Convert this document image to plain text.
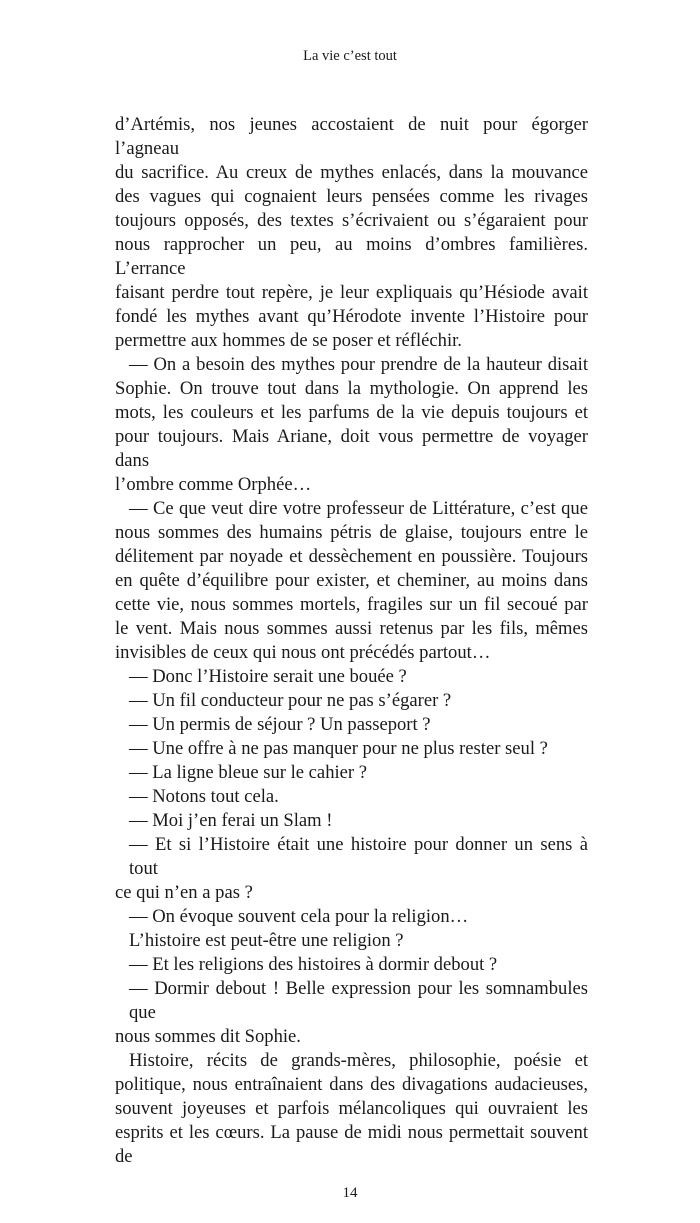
La vie c’est tout
d’Artémis, nos jeunes accostaient de nuit pour égorger l’agneau
du sacrifice. Au creux de mythes enlacés, dans la mouvance
des vagues qui cognaient leurs pensées comme les rivages
toujours opposés, des textes s’écrivaient ou s’égaraient pour
nous rapprocher un peu, au moins d’ombres familières. L’errance
faisant perdre tout repère, je leur expliquais qu’Hésiode avait
fondé les mythes avant qu’Hérodote invente l’Histoire pour
permettre aux hommes de se poser et réfléchir.
— On a besoin des mythes pour prendre de la hauteur disait
Sophie. On trouve tout dans la mythologie. On apprend les
mots, les couleurs et les parfums de la vie depuis toujours et
pour toujours. Mais Ariane, doit vous permettre de voyager dans
l’ombre comme Orphée…
— Ce que veut dire votre professeur de Littérature, c’est que
nous sommes des humains pétris de glaise, toujours entre le
délitement par noyade et dessèchement en poussière. Toujours
en quête d’équilibre pour exister, et cheminer, au moins dans
cette vie, nous sommes mortels, fragiles sur un fil secoué par
le vent. Mais nous sommes aussi retenus par les fils, mêmes
invisibles de ceux qui nous ont précédés partout…
— Donc l’Histoire serait une bouée ?
— Un fil conducteur pour ne pas s’égarer ?
— Un permis de séjour ? Un passeport ?
— Une offre à ne pas manquer pour ne plus rester seul ?
— La ligne bleue sur le cahier ?
— Notons tout cela.
— Moi j’en ferai un Slam !
— Et si l’Histoire était une histoire pour donner un sens à tout
ce qui n’en a pas ?
— On évoque souvent cela pour la religion…
L’histoire est peut-être une religion ?
— Et les religions des histoires à dormir debout ?
— Dormir debout ! Belle expression pour les somnambules que
nous sommes dit Sophie.
Histoire, récits de grands-mères, philosophie, poésie et
politique, nous entraînaient dans des divagations audacieuses,
souvent joyeuses et parfois mélancoliques qui ouvraient les
esprits et les cœurs. La pause de midi nous permettait souvent de
14
